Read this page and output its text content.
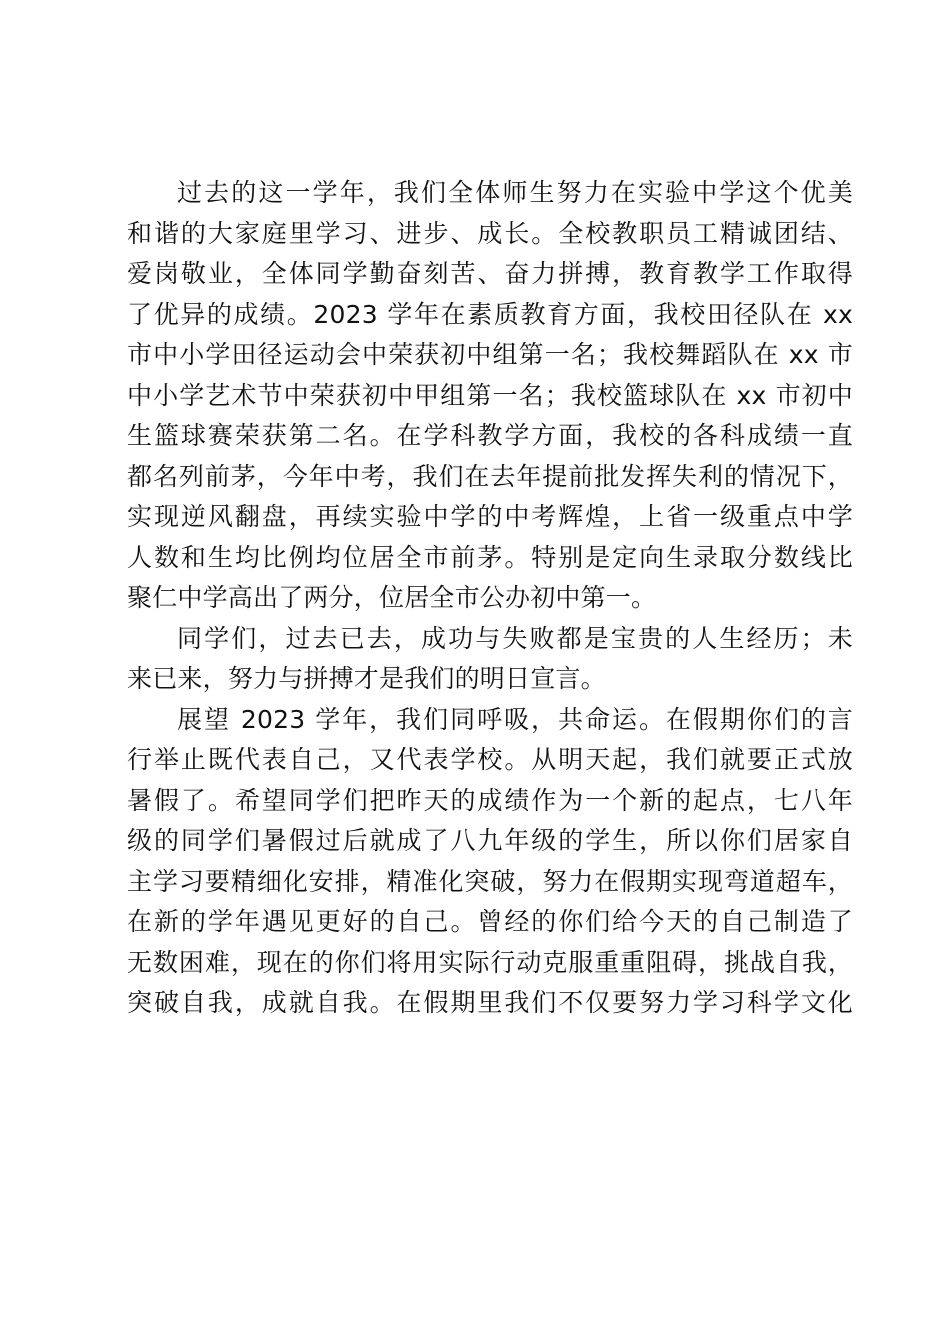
过去的这一学年，我们全体师生努力在实验中学这个优美
和谐的大家庭里学习、进步、成长。全校教职员工精诚团结、
爱岗敬业，全体同学勤奋刻苦、奋力拼搏，教育教学工作取得
了优异的成绩。2023 学年在素质教育方面，我校田径队在 xx
市中小学田径运动会中荣获初中组第一名；我校舞蹈队在 xx 市
中小学艺术节中荣获初中甲组第一名；我校篮球队在 xx 市初中
生篮球赛荣获第二名。在学科教学方面，我校的各科成绩一直
都名列前茅，今年中考，我们在去年提前批发挥失利的情况下，
实现逆风翻盘，再续实验中学的中考辉煌，上省一级重点中学
人数和生均比例均位居全市前茅。特别是定向生录取分数线比
聚仁中学高出了两分，位居全市公办初中第一。
同学们，过去已去，成功与失败都是宝贵的人生经历；未
来已来，努力与拼搏才是我们的明日宣言。
展望 2023 学年，我们同呼吸，共命运。在假期你们的言
行举止既代表自己，又代表学校。从明天起，我们就要正式放
暑假了。希望同学们把昨天的成绩作为一个新的起点，七八年
级的同学们暑假过后就成了八九年级的学生，所以你们居家自
主学习要精细化安排，精准化突破，努力在假期实现弯道超车，
在新的学年遇见更好的自己。曾经的你们给今天的自己制造了
无数困难，现在的你们将用实际行动克服重重阻碍，挑战自我，
突破自我，成就自我。在假期里我们不仅要努力学习科学文化
